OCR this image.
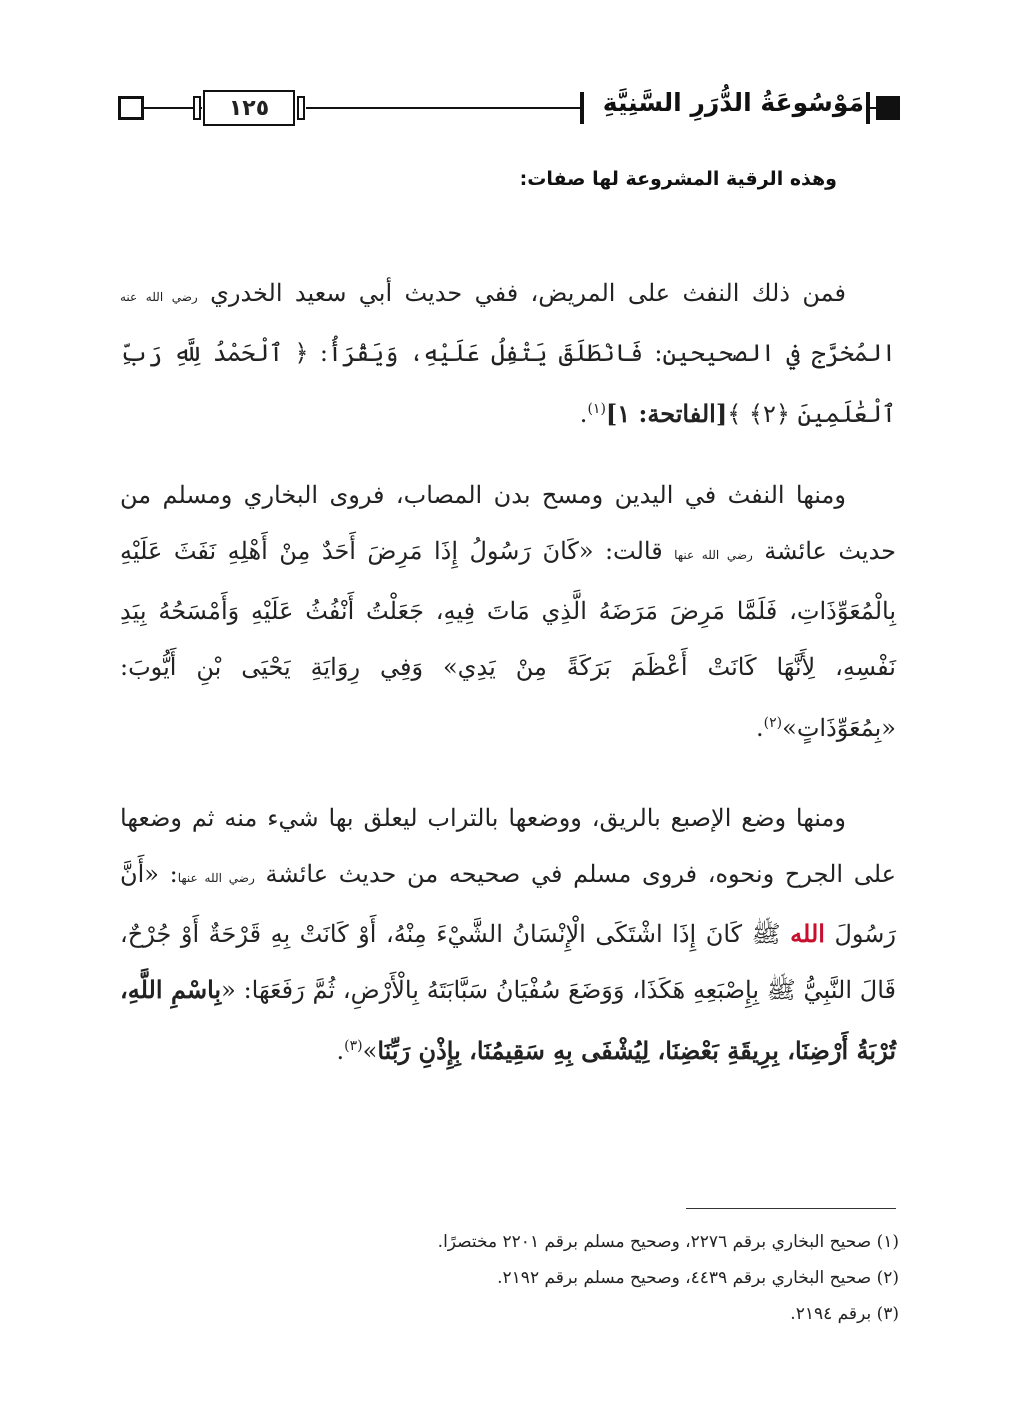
١٢٥	مَوْسُوعَةُ الدُّرَرِ السَّنِيَّةِ
وهذه الرقية المشروعة لها صفات:
فمن ذلك النفث على المريض، ففي حديث أبي سعيد الخدري رضي الله عنه المُخرَّج في الصحيحين: فَانْطَلَقَ يَتْفِلُ عَلَيْهِ، وَيَقْرَأُ: ﴿ ٱلْحَمْدُ لِلَّهِ رَبِّ ٱلْعَٰلَمِينَ ﴿٢﴾ ﴾[الفاتحة: ١]$^{(١)}$.
ومنها النفث في اليدين ومسح بدن المصاب، فروى البخاري ومسلم من حديث عائشة رضي الله عنها قالت: «كَانَ رَسُولُ إِذَا مَرِضَ أَحَدٌ مِنْ أَهْلِهِ نَفَثَ عَلَيْهِ بِالْمُعَوِّذَاتِ، فَلَمَّا مَرِضَ مَرَضَهُ الَّذِي مَاتَ فِيهِ، جَعَلْتُ أَنْفُثُ عَلَيْهِ وَأَمْسَحُهُ بِيَدِ نَفْسِهِ، لِأَنَّهَا كَانَتْ أَعْظَمَ بَرَكَةً مِنْ يَدِي» وَفِي رِوَايَةِ يَحْيَى بْنِ أَيُّوبَ: «بِمُعَوِّذَاتٍ»$^{(٢)}$.
ومنها وضع الإصبع بالريق، ووضعها بالتراب ليعلق بها شيء منه ثم وضعها على الجرح ونحوه، فروى مسلم في صحيحه من حديث عائشة رضي الله عنها: «أَنَّ رَسُولَ الله ﷺ كَانَ إِذَا اشْتَكَى الْإِنْسَانُ الشَّيْءَ مِنْهُ، أَوْ كَانَتْ بِهِ قَرْحَةٌ أَوْ جُرْحٌ، قَالَ النَّبِيُّ ﷺ بِإِصْبَعِهِ هَكَذَا، وَوَضَعَ سُفْيَانُ سَبَّابَتَهُ بِالْأَرْضِ، ثُمَّ رَفَعَهَا: «بِاسْمِ اللَّهِ، تُرْبَةُ أَرْضِنَا، بِرِيقَةِ بَعْضِنَا، لِيُشْفَى بِهِ سَقِيمُنَا، بِإِذْنِ رَبِّنَا»$^{(٣)}$.
(١) صحيح البخاري برقم ٢٢٧٦، وصحيح مسلم برقم ٢٢٠١ مختصرًا.
(٢) صحيح البخاري برقم ٤٤٣٩، وصحيح مسلم برقم ٢١٩٢.
(٣) برقم ٢١٩٤.
